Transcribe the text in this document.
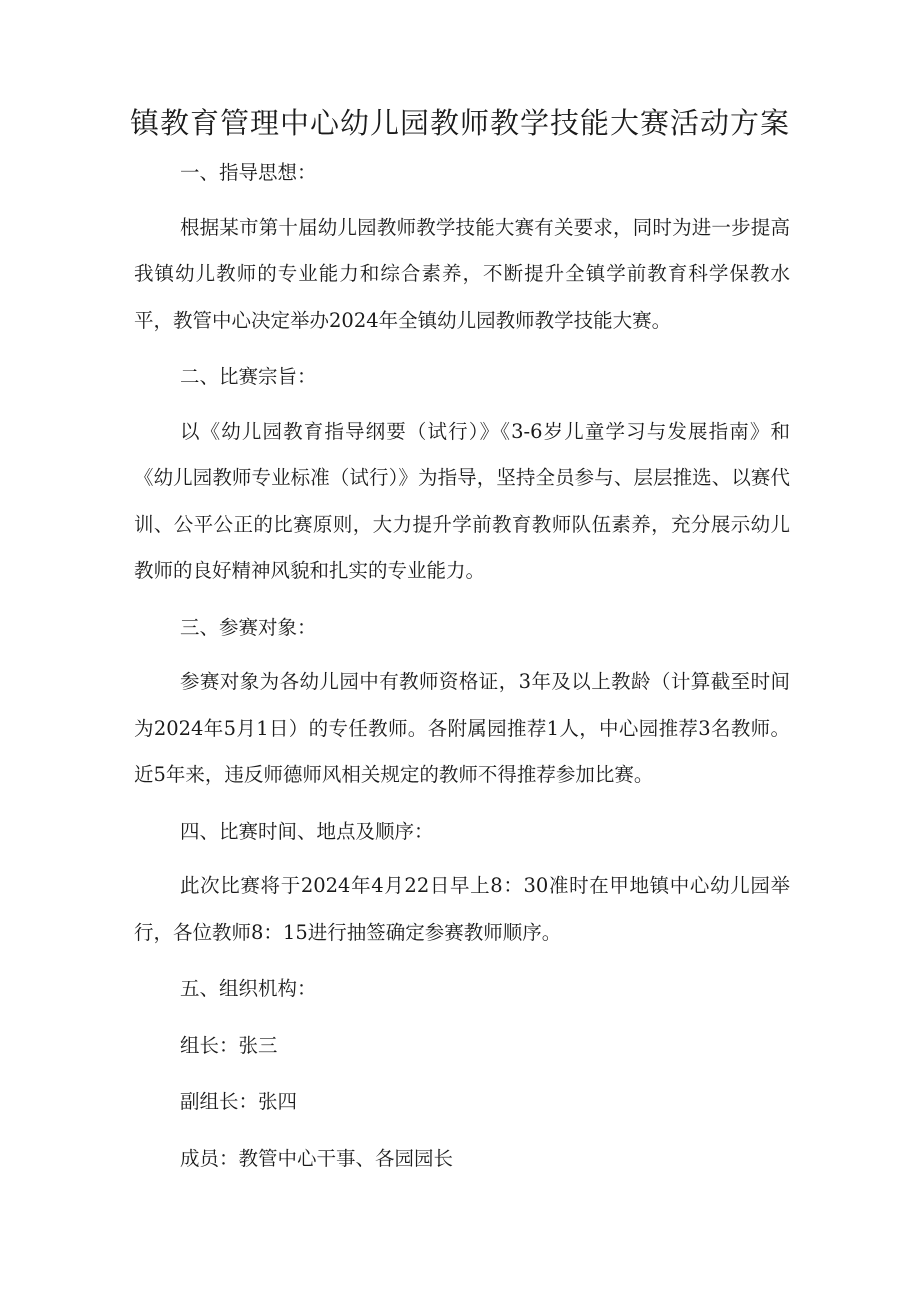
镇教育管理中心幼儿园教师教学技能大赛活动方案

一、指导思想：

根据某市第十届幼儿园教师教学技能大赛有关要求，同时为进一步提高我镇幼儿教师的专业能力和综合素养，不断提升全镇学前教育科学保教水平，教管中心决定举办2024年全镇幼儿园教师教学技能大赛。

二、比赛宗旨：

以《幼儿园教育指导纲要（试行）》《3-6岁儿童学习与发展指南》和《幼儿园教师专业标准（试行）》为指导，坚持全员参与、层层推选、以赛代训、公平公正的比赛原则，大力提升学前教育教师队伍素养，充分展示幼儿教师的良好精神风貌和扎实的专业能力。

三、参赛对象：

参赛对象为各幼儿园中有教师资格证，3年及以上教龄（计算截至时间为2024年5月1日）的专任教师。各附属园推荐1人，中心园推荐3名教师。近5年来，违反师德师风相关规定的教师不得推荐参加比赛。

四、比赛时间、地点及顺序：

此次比赛将于2024年4月22日早上8：30准时在甲地镇中心幼儿园举行，各位教师8：15进行抽签确定参赛教师顺序。

五、组织机构：

组长：张三

副组长：张四

成员：教管中心干事、各园园长
